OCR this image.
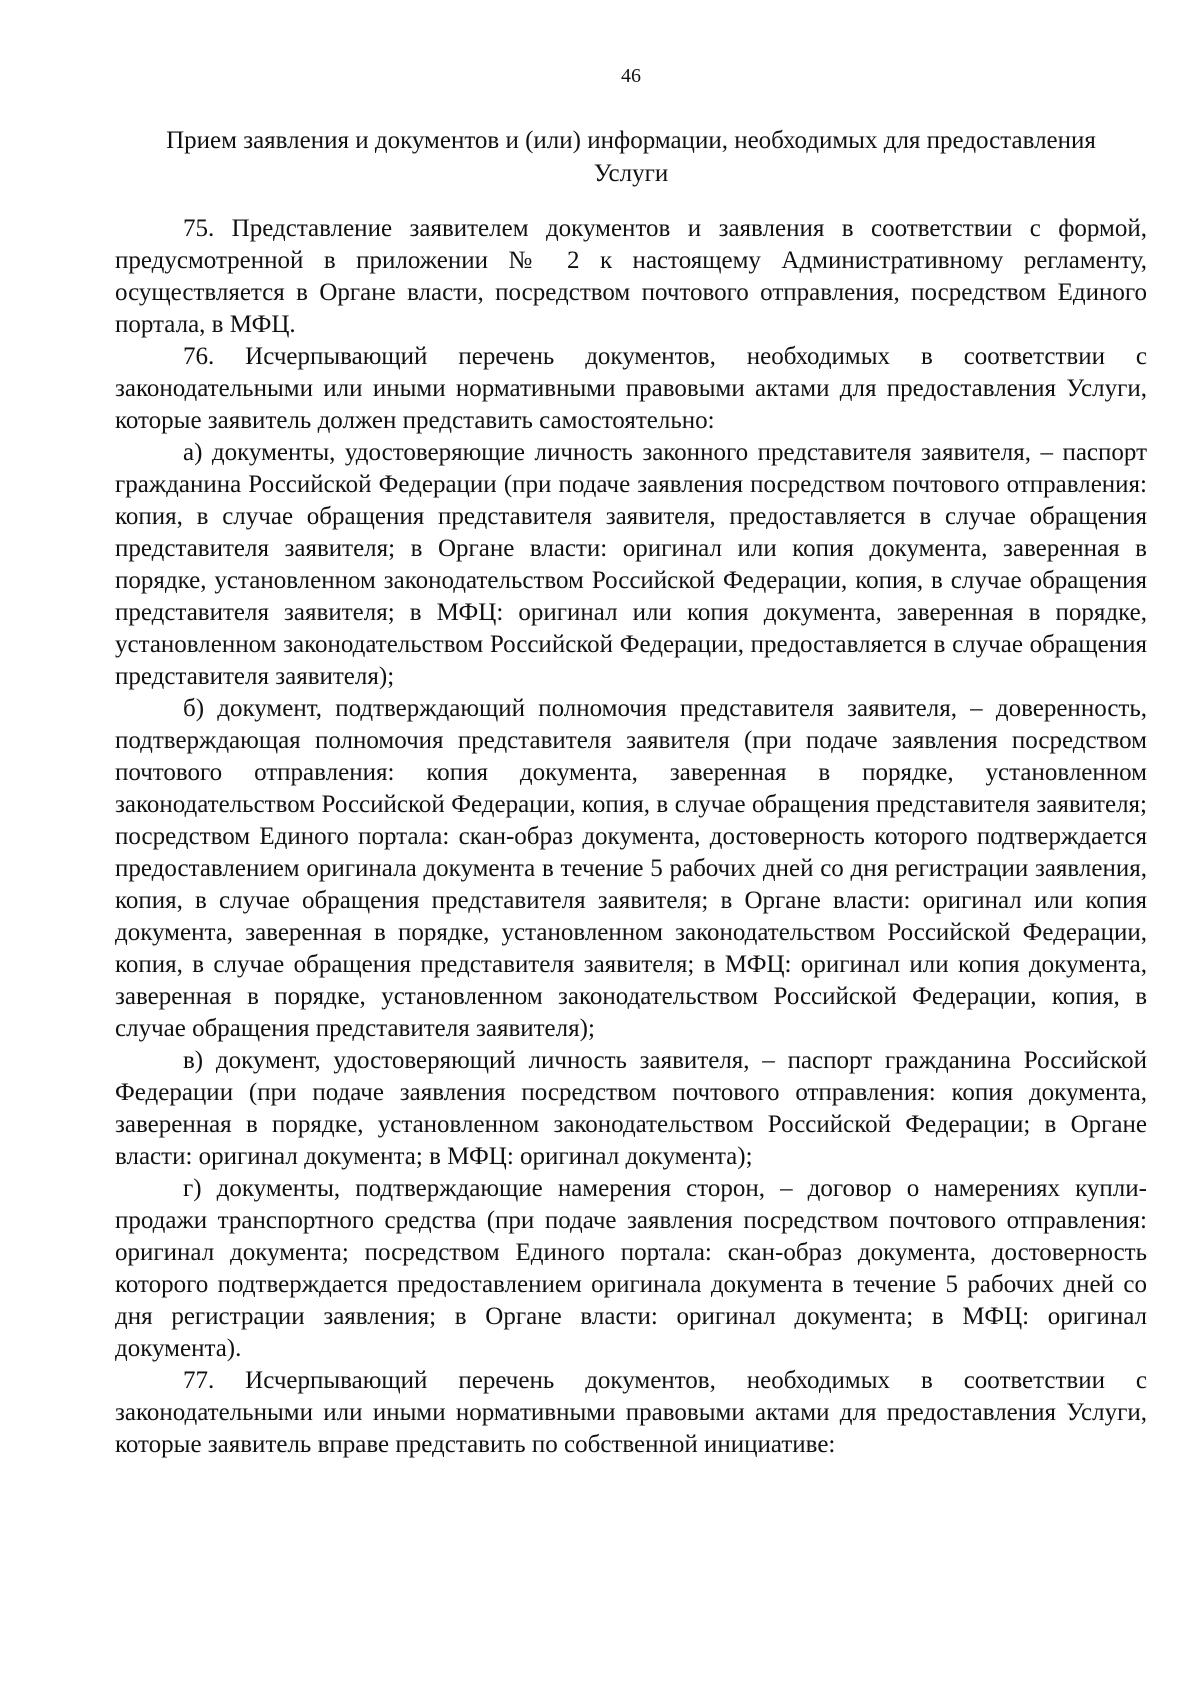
46
Прием заявления и документов и (или) информации, необходимых для предоставления Услуги

75. Представление заявителем документов и заявления в соответствии с формой, предусмотренной в приложении № 2 к настоящему Административному регламенту, осуществляется в Органе власти, посредством почтового отправления, посредством Единого портала, в МФЦ.

76. Исчерпывающий перечень документов, необходимых в соответствии с законодательными или иными нормативными правовыми актами для предоставления Услуги, которые заявитель должен представить самостоятельно:

а) документы, удостоверяющие личность законного представителя заявителя, – паспорт гражданина Российской Федерации (при подаче заявления посредством почтового отправления: копия, в случае обращения представителя заявителя, предоставляется в случае обращения представителя заявителя; в Органе власти: оригинал или копия документа, заверенная в порядке, установленном законодательством Российской Федерации, копия, в случае обращения представителя заявителя; в МФЦ: оригинал или копия документа, заверенная в порядке, установленном законодательством Российской Федерации, предоставляется в случае обращения представителя заявителя);

б) документ, подтверждающий полномочия представителя заявителя, – доверенность, подтверждающая полномочия представителя заявителя (при подаче заявления посредством почтового отправления: копия документа, заверенная в порядке, установленном законодательством Российской Федерации, копия, в случае обращения представителя заявителя; посредством Единого портала: скан-образ документа, достоверность которого подтверждается предоставлением оригинала документа в течение 5 рабочих дней со дня регистрации заявления, копия, в случае обращения представителя заявителя; в Органе власти: оригинал или копия документа, заверенная в порядке, установленном законодательством Российской Федерации, копия, в случае обращения представителя заявителя; в МФЦ: оригинал или копия документа, заверенная в порядке, установленном законодательством Российской Федерации, копия, в случае обращения представителя заявителя);

в) документ, удостоверяющий личность заявителя, – паспорт гражданина Российской Федерации (при подаче заявления посредством почтового отправления: копия документа, заверенная в порядке, установленном законодательством Российской Федерации; в Органе власти: оригинал документа; в МФЦ: оригинал документа);

г) документы, подтверждающие намерения сторон, – договор о намерениях купли-продажи транспортного средства (при подаче заявления посредством почтового отправления: оригинал документа; посредством Единого портала: скан-образ документа, достоверность которого подтверждается предоставлением оригинала документа в течение 5 рабочих дней со дня регистрации заявления; в Органе власти: оригинал документа; в МФЦ: оригинал документа).

77. Исчерпывающий перечень документов, необходимых в соответствии с законодательными или иными нормативными правовыми актами для предоставления Услуги, которые заявитель вправе представить по собственной инициативе:
